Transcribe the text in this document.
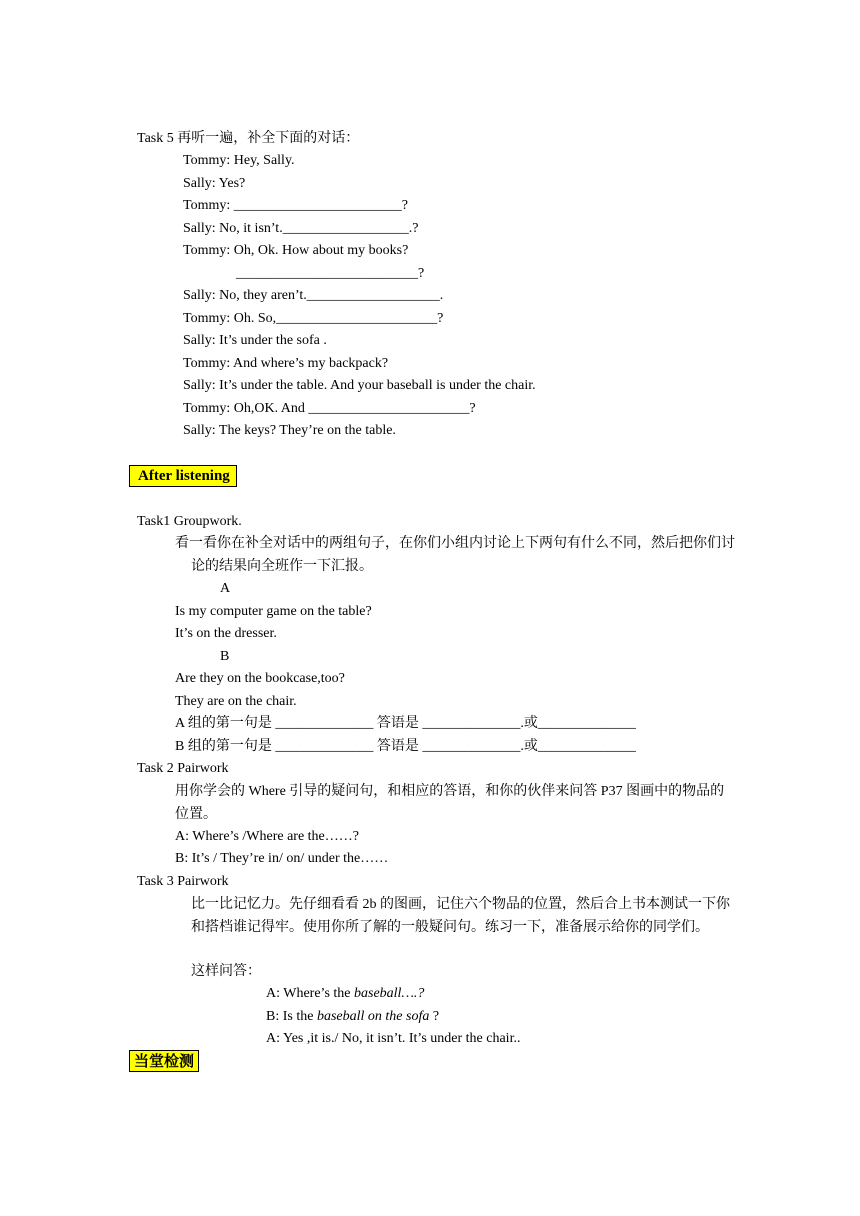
Task 5 再听一遍，补全下面的对话：
Tommy: Hey, Sally.
Sally: Yes?
Tommy: ________________________?
Sally: No, it isn’t.__________________.?
Tommy: Oh, Ok. How about my books?
__________________________?
Sally: No, they aren’t.___________________.
Tommy: Oh. So,_______________________?
Sally: It’s under the sofa .
Tommy: And where’s my backpack?
Sally: It’s under the table. And your baseball is under the chair.
Tommy: Oh,OK. And _______________________?
Sally: The keys? They’re on the table.
After listening
Task1 Groupwork.
看一看你在补全对话中的两组句子，在你们小组内讨论上下两句有什么不同，然后把你们讨论的结果向全班作一下汇报。
A
Is my computer game on the table?
It’s on the dresser.
B
Are they on the bookcase,too?
They are on the chair.
A 组的第一句是 ______________ 答语是 ______________.或______________
B 组的第一句是 ______________ 答语是 ______________.或______________
Task 2 Pairwork
用你学会的 Where 引导的疑问句，和相应的答语，和你的伙伴来问答 P37 图画中的物品的位置。
A: Where’s /Where are the……?
B: It’s / They’re in/ on/ under the……
Task 3 Pairwork
比一比记忆力。先仔细看看 2b 的图画，记住六个物品的位置，然后合上书本测试一下你和搭档谁记得牢。使用你所了解的一般疑问句。练习一下，准备展示给你的同学们。
这样问答：
A: Where’s the baseball….?
B: Is the baseball on the sofa ?
A: Yes ,it is./ No, it isn’t. It’s under the chair..
当堂检测
